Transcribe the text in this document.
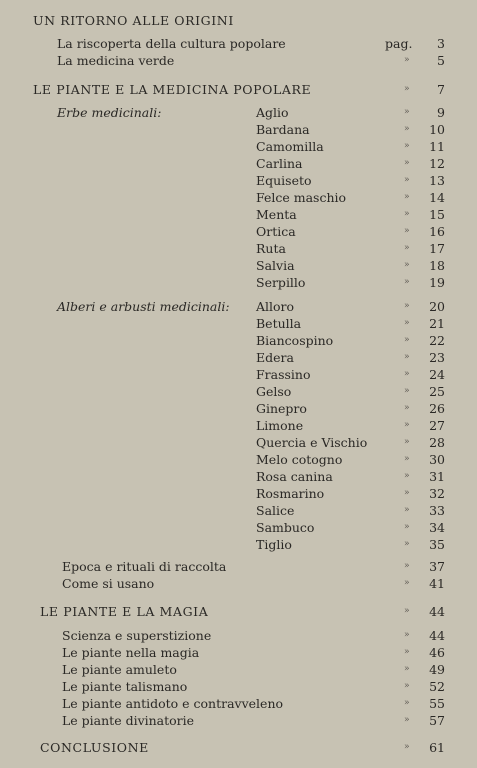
UN RITORNO ALLE ORIGINI
La riscoperta della cultura popolare	pag. 3
La medicina verde	» 5
LE PIANTE E LA MEDICINA POPOLARE	» 7
Erbe medicinali:	Aglio	» 9
Bardana	» 10
Camomilla	» 11
Carlina	» 12
Equiseto	» 13
Felce maschio	» 14
Menta	» 15
Ortica	» 16
Ruta	» 17
Salvia	» 18
Serpillo	» 19
Alberi e arbusti medicinali: Alloro	» 20
Betulla	» 21
Biancospino	» 22
Edera	» 23
Frassino	» 24
Gelso	» 25
Ginepro	» 26
Limone	» 27
Quercia e Vischio	» 28
Melo cotogno	» 30
Rosa canina	» 31
Rosmarino	» 32
Salice	» 33
Sambuco	» 34
Tiglio	» 35
Epoca e rituali di raccolta	» 37
Come si usano	» 41
LE PIANTE E LA MAGIA	» 44
Scienza e superstizione	» 44
Le piante nella magia	» 46
Le piante amuleto	» 49
Le piante talismano	» 52
Le piante antidoto e contravveleno	» 55
Le piante divinatorie	» 57
CONCLUSIONE	» 61
